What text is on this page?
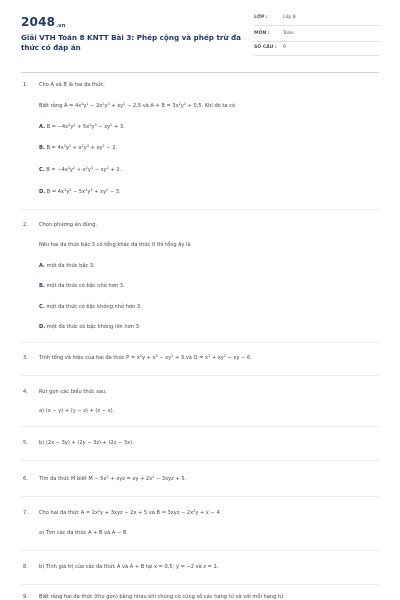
2048.vn
Giải VTH Toán 8 KNTT Bài 3: Phép cộng và phép trừ đa thức có đáp án
LỚP :	Lớp 8
MÔN :	Toán
SỐ CÂU : 9
1. Cho A và B là hai đa thức.
Biết rằng $A = 4x^3y^2 - 2x^2y^3 + xy^2 - 2,5$ và $A + B = 3x^2y^3 + 0,5$. Khi đó ta có
A. $B = -4x^3y^2 + 5x^2y^3 - xy^2 + 3$.
B. $B = 4x^3y^2 + x^2y^3 + xy^2 - 2$.
C. $B = -4x^3y^2 + x^2y^3 - xy^2 + 2$.
D. $B = 4x^3y^2 - 5x^2y^3 + xy^2 - 3$.
2. Chọn phương án đúng.
Nếu hai đa thức bậc 3 có tổng khác đa thức 0 thì tổng ấy là
A. một đa thức bậc 3.
B. một đa thức có bậc nhỏ hơn 3.
C. một đa thức có bậc không nhỏ hơn 3.
D. một đa thức có bậc không lớn hơn 3.
3. Tính tổng và hiệu của hai đa thức $P = x^2y + x^3 - xy^2 + 3$ và $Q = x^3 + xy^2$ − xy − 6.
4. Rút gọn các biểu thức sau:
a) (x − y) + (y − z) + (z − x).
5. b) (2x − 3y) + (2y − 3z) + (2z − 3x).
6. Tìm đa thức M biết $M - 5x^2$ + xyz = xy + $2x^2 - 3xyz + 5$.
7. Cho hai đa thức $A = 2x^2y + 3xyz - 2x + 5$ và $B = 3xyz - 2x^2y + x - 4$.
a) Tìm các đa thức A + B và A − B.
8. b) Tính giá trị của các đa thức A và A + B tại x = 0,5; y = −2 và z = 1.
9. Biết rằng hai đa thức (thu gọn) bằng nhau khi chúng có cùng số các hạng tử và với mỗi hạng tử
